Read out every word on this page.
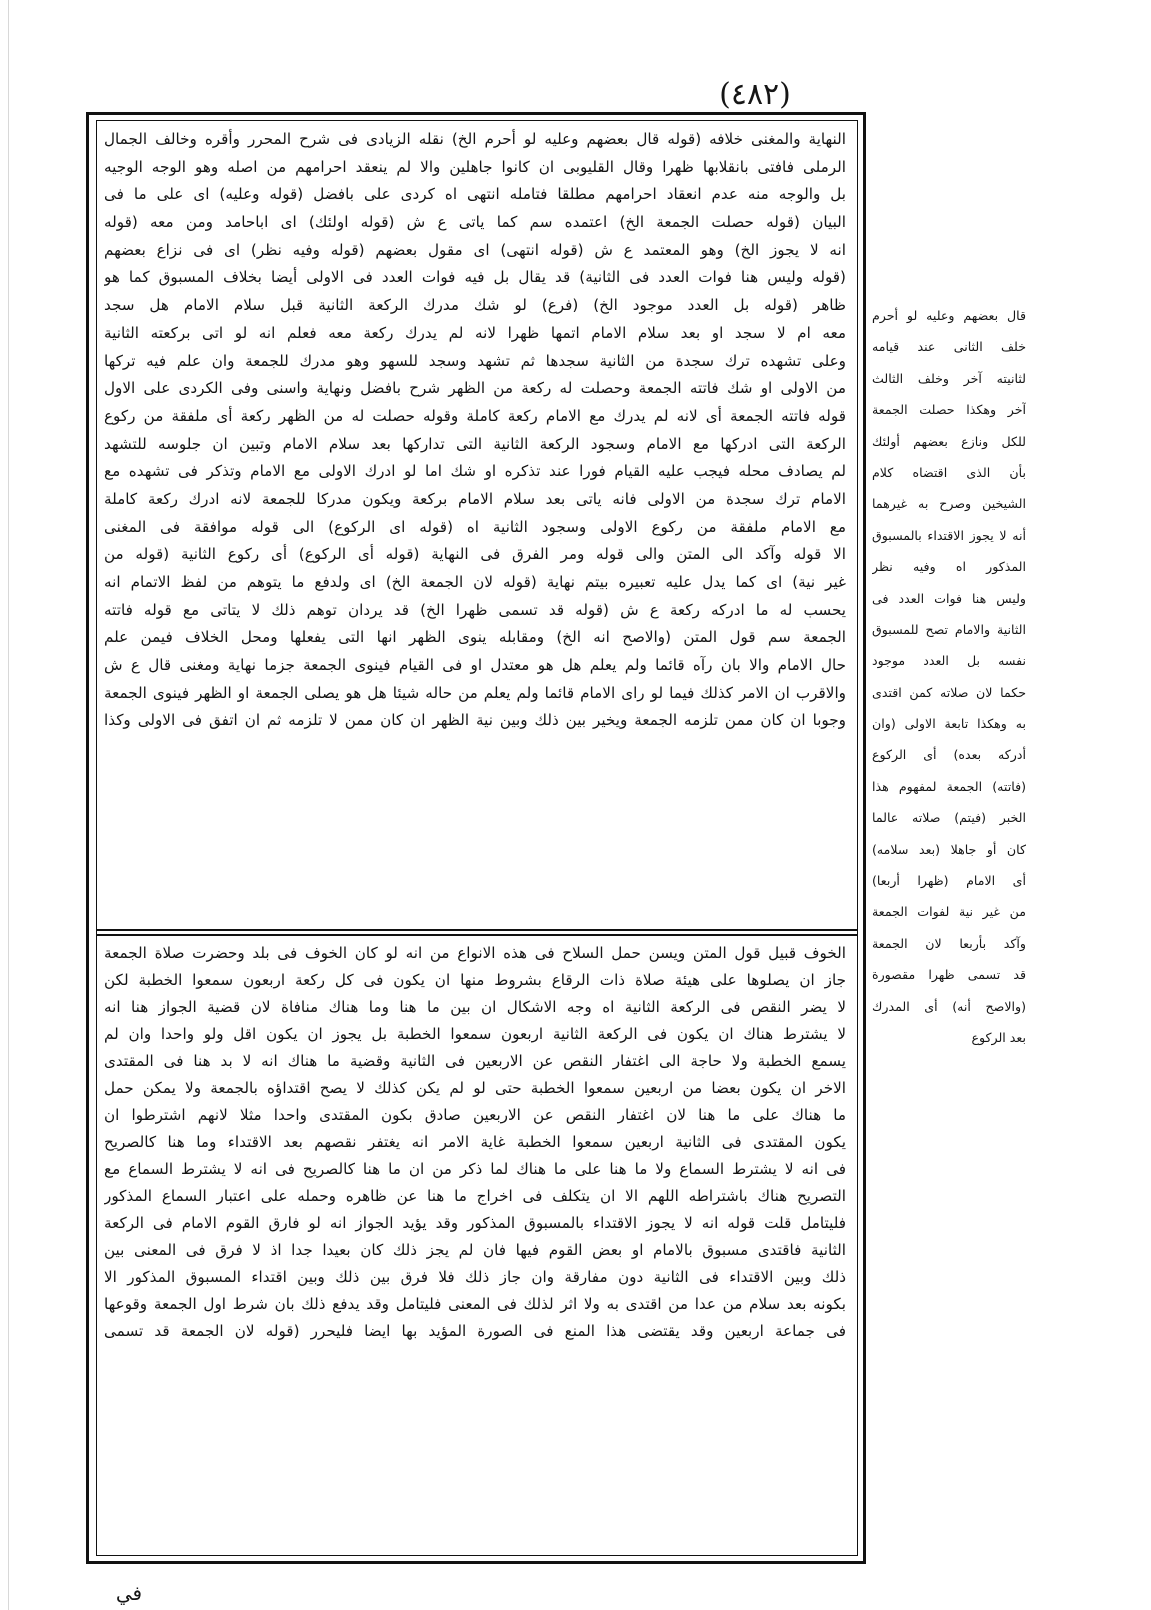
(٤٨٢)
النهاية والمغنى خلافه (قوله قال بعضهم وعليه لو أحرم الخ) نقله الزيادى فى شرح المحرر وأقره وخالف الجمال
الرملى فافتى بانقلابها ظهرا وقال القليوبى ان كانوا جاهلين والا لم ينعقد احرامهم من اصله وهو الوجه الوجيه
بل والوجه منه عدم انعقاد احرامهم مطلقا فتامله انتهى اه كردى على بافضل (قوله وعليه) اى على ما فى
البيان (قوله حصلت الجمعة الخ) اعتمده سم كما ياتى ع ش (قوله اولئك) اى اباحامد ومن معه (قوله
انه لا يجوز الخ) وهو المعتمد ع ش (قوله انتهى) اى مقول بعضهم (قوله وفيه نظر) اى فى نزاع بعضهم
(قوله وليس هنا فوات العدد فى الثانية) قد يقال بل فيه فوات العدد فى الاولى أيضا بخلاف المسبوق كما هو
ظاهر (قوله بل العدد موجود الخ) (فرع) لو شك مدرك الركعة الثانية قبل سلام الامام هل سجد
معه ام لا سجد او بعد سلام الامام اتمها ظهرا لانه لم يدرك ركعة معه فعلم انه لو اتى بركعته الثانية
وعلى تشهده ترك سجدة من الثانية سجدها ثم تشهد وسجد للسهو وهو مدرك للجمعة وان علم فيه تركها
من الاولى او شك فاتته الجمعة وحصلت له ركعة من الظهر شرح بافضل ونهاية واسنى وفى الكردى على الاول
قوله فاتته الجمعة أى لانه لم يدرك مع الامام ركعة كاملة وقوله حصلت له من الظهر ركعة أى ملفقة من ركوع
الركعة التى ادركها مع الامام وسجود الركعة الثانية التى تداركها بعد سلام الامام وتبين ان جلوسه للتشهد
لم يصادف محله فيجب عليه القيام فورا عند تذكره او شك اما لو ادرك الاولى مع الامام وتذكر فى تشهده مع
الامام ترك سجدة من الاولى فانه ياتى بعد سلام الامام بركعة ويكون مدركا للجمعة لانه ادرك ركعة كاملة
مع الامام ملفقة من ركوع الاولى وسجود الثانية اه (قوله اى الركوع) الى قوله موافقة فى المغنى
الا قوله وآكد الى المتن والى قوله ومر الفرق فى النهاية (قوله أى الركوع) أى ركوع الثانية (قوله من
غير نية) اى كما يدل عليه تعبيره بيتم نهاية (قوله لان الجمعة الخ) اى ولدفع ما يتوهم من لفظ الاتمام انه
يحسب له ما ادركه ركعة ع ش (قوله قد تسمى ظهرا الخ) قد يردان توهم ذلك لا يتاتى مع قوله فاتته
الجمعة سم قول المتن (والاصح انه الخ) ومقابله ينوى الظهر انها التى يفعلها ومحل الخلاف فيمن علم
حال الامام والا بان رآه قائما ولم يعلم هل هو معتدل او فى القيام فينوى الجمعة جزما نهاية ومغنى قال ع ش
والاقرب ان الامر كذلك فيما لو راى الامام قائما ولم يعلم من حاله شيئا هل هو يصلى الجمعة او الظهر فينوى الجمعة
وجوبا ان كان ممن تلزمه الجمعة ويخير بين ذلك وبين نية الظهر ان كان ممن لا تلزمه ثم ان اتفق فى الاولى وكذا
الخوف قبيل قول المتن ويسن حمل السلاح فى هذه الانواع من انه لو كان الخوف فى بلد وحضرت صلاة الجمعة
جاز ان يصلوها على هيئة صلاة ذات الرقاع بشروط منها ان يكون فى كل ركعة اربعون سمعوا الخطبة لكن
لا يضر النقص فى الركعة الثانية اه وجه الاشكال ان بين ما هنا وما هناك منافاة لان قضية الجواز هنا انه
لا يشترط هناك ان يكون فى الركعة الثانية اربعون سمعوا الخطبة بل يجوز ان يكون اقل ولو واحدا وان لم
يسمع الخطبة ولا حاجة الى اغتفار النقص عن الاربعين فى الثانية وقضية ما هناك انه لا بد هنا فى المقتدى
الاخر ان يكون بعضا من اربعين سمعوا الخطبة حتى لو لم يكن كذلك لا يصح اقتداؤه بالجمعة ولا يمكن حمل
ما هناك على ما هنا لان اغتفار النقص عن الاربعين صادق بكون المقتدى واحدا مثلا لانهم اشترطوا ان
يكون المقتدى فى الثانية اربعين سمعوا الخطبة غاية الامر انه يغتفر نقصهم بعد الاقتداء وما هنا كالصريح
فى انه لا يشترط السماع ولا ما هنا على ما هناك لما ذكر من ان ما هنا كالصريح فى انه لا يشترط السماع مع
التصريح هناك باشتراطه اللهم الا ان يتكلف فى اخراج ما هنا عن ظاهره وحمله على اعتبار السماع المذكور
فليتامل قلت قوله انه لا يجوز الاقتداء بالمسبوق المذكور وقد يؤيد الجواز انه لو فارق القوم الامام فى الركعة
الثانية فاقتدى مسبوق بالامام او بعض القوم فيها فان لم يجز ذلك كان بعيدا جدا اذ لا فرق فى المعنى بين
ذلك وبين الاقتداء فى الثانية دون مفارقة وان جاز ذلك فلا فرق بين ذلك وبين اقتداء المسبوق المذكور الا
بكونه بعد سلام من عدا من اقتدى به ولا اثر لذلك فى المعنى فليتامل وقد يدفع ذلك بان شرط اول الجمعة وقوعها
فى جماعة اربعين وقد يقتضى هذا المنع فى الصورة المؤيد بها ايضا فليحرر (قوله لان الجمعة قد تسمى
قال بعضهم وعليه لو أحرم
خلف الثانى عند قيامه
لثانيته آخر وخلف الثالث
آخر وهكذا حصلت الجمعة
للكل ونازع بعضهم أولئك
بأن الذى اقتضاه كلام
الشيخين وصرح به غيرهما
أنه لا يجوز الاقتداء بالمسبوق
المذكور اه وفيه نظر
وليس هنا فوات العدد فى
الثانية والامام تصح للمسبوق
نفسه بل العدد موجود
حكما لان صلاته كمن اقتدى
به وهكذا تابعة الاولى (وان
أدركه بعده) أى الركوع
(فاتته) الجمعة لمفهوم هذا
الخبر (فيتم) صلاته عالما
كان أو جاهلا (بعد سلامه)
أى الامام (ظهرا أربعا)
من غير نية لفوات الجمعة
وآكد بأربعا لان الجمعة
قد تسمى ظهرا مقصورة
(والاصح أنه) أى المدرك
بعد الركوع
في
